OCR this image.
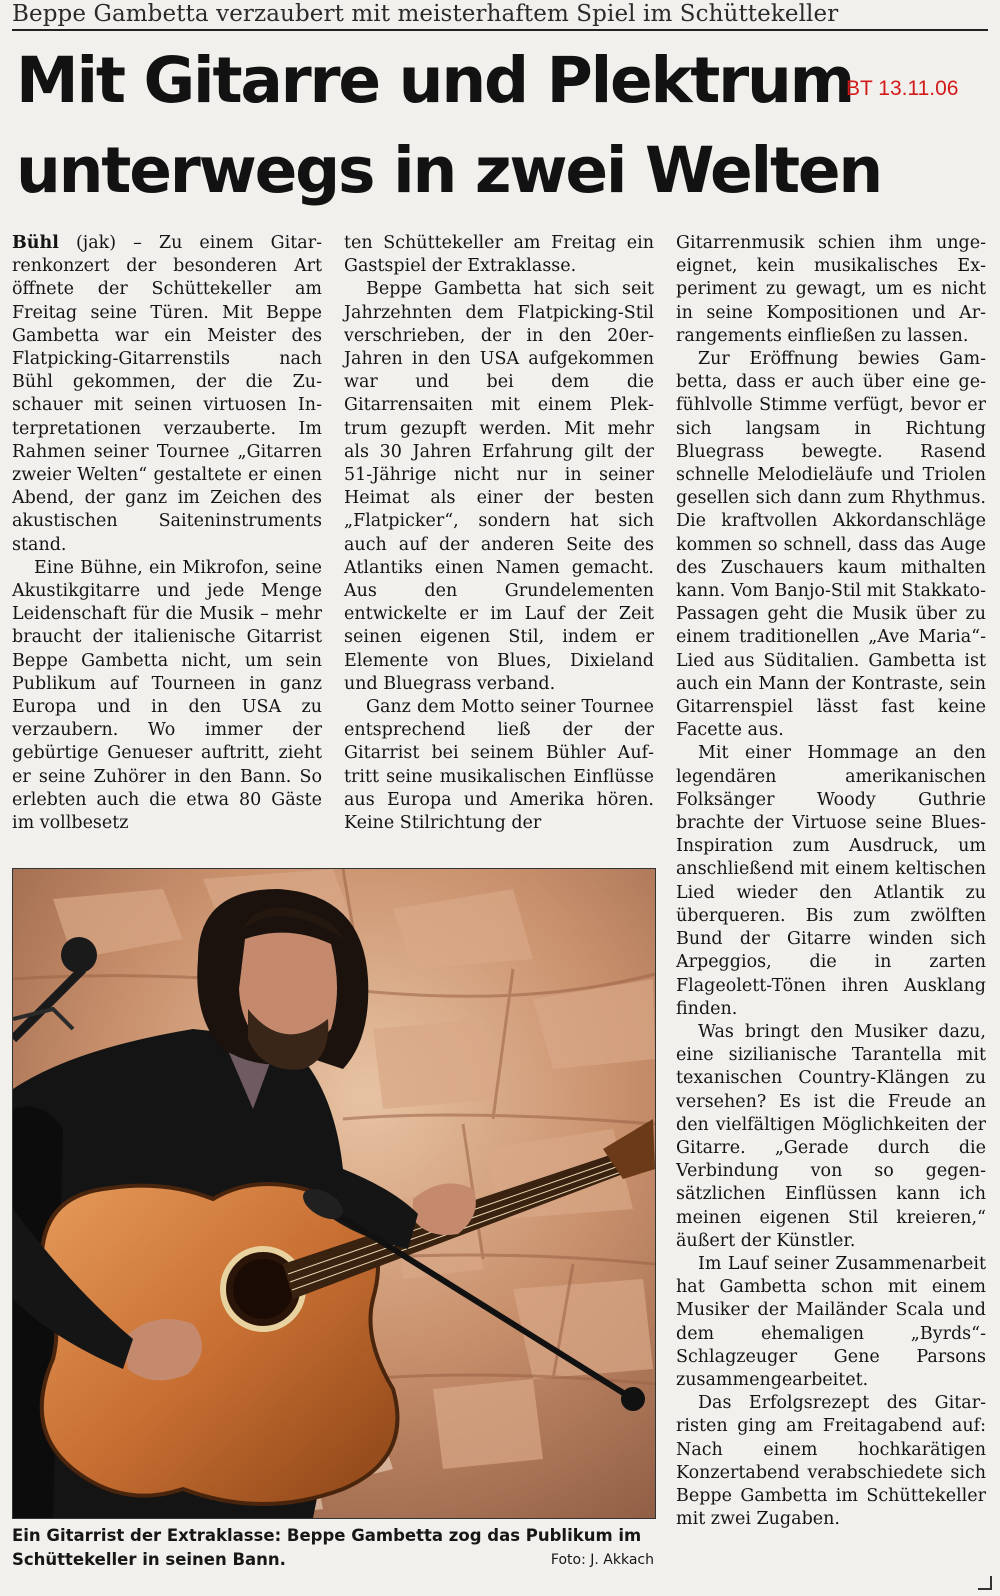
Beppe Gambetta verzaubert mit meisterhaftem Spiel im Schüttekeller
Mit Gitarre und Plektrum
unterwegs in zwei Welten
BT 13.11.06

Bühl (jak) – Zu einem Gitarrenkonzert der besonderen Art öffnete der Schüttekeller am Freitag seine Türen. Mit Beppe Gambetta war ein Meister des Flatpicking-Gitarrenstils nach Bühl gekommen, der die Zuschauer mit seinen virtuosen Interpretationen verzauberte. Im Rahmen seiner Tournee „Gitarren zweier Welten“ gestaltete er einen Abend, der ganz im Zeichen des akustischen Saiteninstruments stand.

Eine Bühne, ein Mikrofon, seine Akustikgitarre und jede Menge Leidenschaft für die Musik – mehr braucht der italienische Gitarrist Beppe Gambetta nicht, um sein Publikum auf Tourneen in ganz Europa und in den USA zu verzaubern. Wo immer der gebürtige Genueser auftritt, zieht er seine Zuhörer in den Bann. So erlebten auch die etwa 80 Gäste im vollbesetz

ten Schüttekeller am Freitag ein Gastspiel der Extraklasse.

Beppe Gambetta hat sich seit Jahrzehnten dem Flatpicking-Stil verschrieben, der in den 20er-Jahren in den USA aufgekommen war und bei dem die Gitarrensaiten mit einem Plektrum gezupft werden. Mit mehr als 30 Jahren Erfahrung gilt der 51-Jährige nicht nur in seiner Heimat als einer der besten „Flatpicker“, sondern hat sich auch auf der anderen Seite des Atlantiks einen Namen gemacht. Aus den Grundelementen entwickelte er im Lauf der Zeit seinen eigenen Stil, indem er Elemente von Blues, Dixieland und Bluegrass verband.

Ganz dem Motto seiner Tournee entsprechend ließ der der Gitarrist bei seinem Bühler Auftritt seine musikalischen Einflüsse aus Europa und Amerika hören. Keine Stilrichtung der

Gitarrenmusik schien ihm ungeeignet, kein musikalisches Experiment zu gewagt, um es nicht in seine Kompositionen und Arrangements einfließen zu lassen.

Zur Eröffnung bewies Gambetta, dass er auch über eine gefühlvolle Stimme verfügt, bevor er sich langsam in Richtung Bluegrass bewegte. Rasend schnelle Melodieläufe und Triolen gesellen sich dann zum Rhythmus. Die kraftvollen Akkordanschläge kommen so schnell, dass das Auge des Zuschauers kaum mithalten kann. Vom Banjo-Stil mit Stakkato-Passagen geht die Musik über zu einem traditionellen „Ave Maria“-Lied aus Süditalien. Gambetta ist auch ein Mann der Kontraste, sein Gitarrenspiel lässt fast keine Facette aus.

Mit einer Hommage an den legendären amerikanischen Folksänger Woody Guthrie brachte der Virtuose seine Blues-Inspiration zum Ausdruck, um anschließend mit einem keltischen Lied wieder den Atlantik zu überqueren. Bis zum zwölften Bund der Gitarre winden sich Arpeggios, die in zarten Flageolett-Tönen ihren Ausklang finden.

Was bringt den Musiker dazu, eine sizilianische Tarantella mit texanischen Country-Klängen zu versehen? Es ist die Freude an den vielfältigen Möglichkeiten der Gitarre. „Gerade durch die Verbindung von so gegensätzlichen Einflüssen kann ich meinen eigenen Stil kreieren,“ äußert der Künstler.

Im Lauf seiner Zusammenarbeit hat Gambetta schon mit einem Musiker der Mailänder Scala und dem ehemaligen „Byrds“-Schlagzeuger Gene Parsons zusammengearbeitet.

Das Erfolgsrezept des Gitarristen ging am Freitagabend auf: Nach einem hochkarätigen Konzertabend verabschiedete sich Beppe Gambetta im Schüttekeller mit zwei Zugaben.

Ein Gitarrist der Extraklasse: Beppe Gambetta zog das Publikum im Schüttekeller in seinen Bann.	Foto: J. Akkach
